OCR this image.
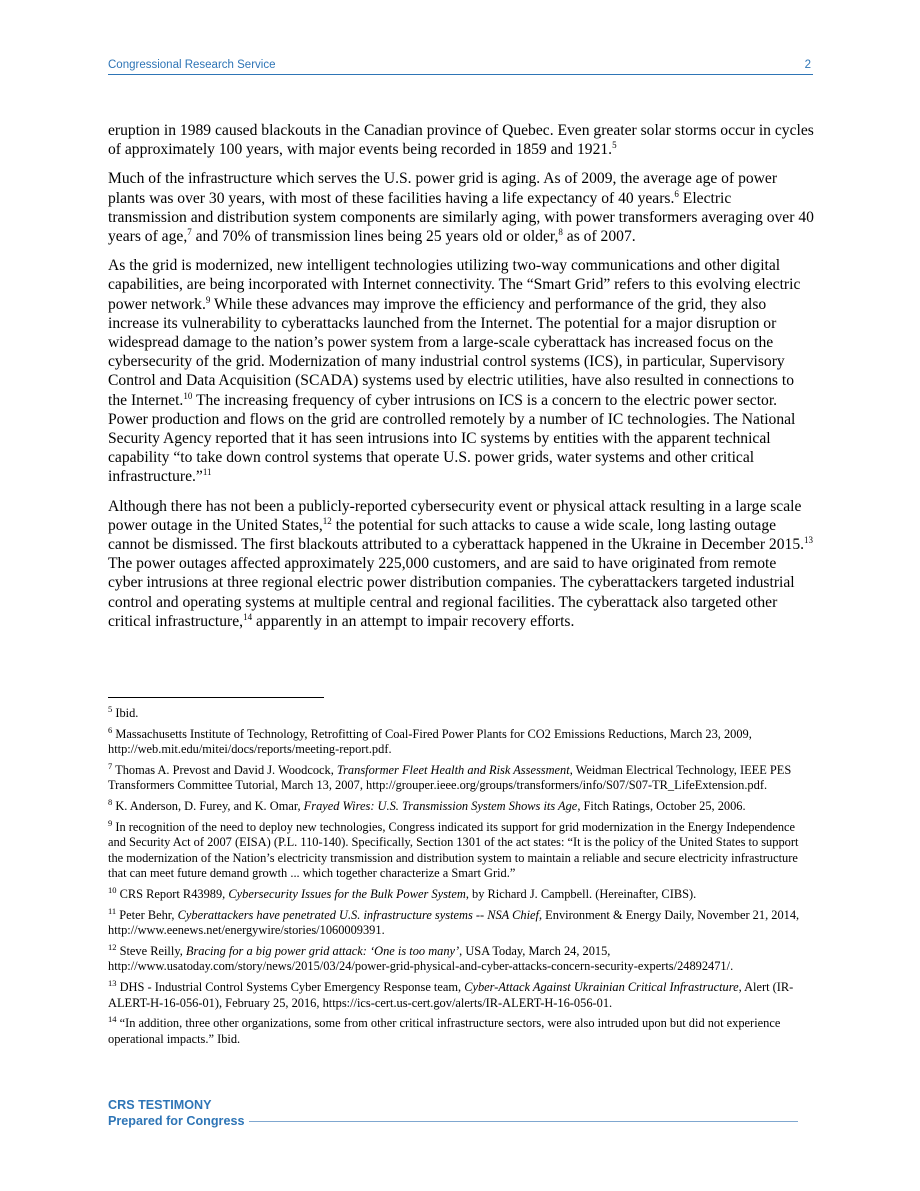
Congressional Research Service	2

eruption in 1989 caused blackouts in the Canadian province of Quebec. Even greater solar storms occur in cycles of approximately 100 years, with major events being recorded in 1859 and 1921.$^5$

Much of the infrastructure which serves the U.S. power grid is aging. As of 2009, the average age of power plants was over 30 years, with most of these facilities having a life expectancy of 40 years.$^6$ Electric transmission and distribution system components are similarly aging, with power transformers averaging over 40 years of age,$^7$ and 70% of transmission lines being 25 years old or older,$^8$ as of 2007.

As the grid is modernized, new intelligent technologies utilizing two-way communications and other digital capabilities, are being incorporated with Internet connectivity. The “Smart Grid” refers to this evolving electric power network.$^9$ While these advances may improve the efficiency and performance of the grid, they also increase its vulnerability to cyberattacks launched from the Internet. The potential for a major disruption or widespread damage to the nation’s power system from a large-scale cyberattack has increased focus on the cybersecurity of the grid. Modernization of many industrial control systems (ICS), in particular, Supervisory Control and Data Acquisition (SCADA) systems used by electric utilities, have also resulted in connections to the Internet.$^{10}$ The increasing frequency of cyber intrusions on ICS is a concern to the electric power sector. Power production and flows on the grid are controlled remotely by a number of IC technologies. The National Security Agency reported that it has seen intrusions into IC systems by entities with the apparent technical capability “to take down control systems that operate U.S. power grids, water systems and other critical infrastructure.”$^{11}$

Although there has not been a publicly-reported cybersecurity event or physical attack resulting in a large scale power outage in the United States,$^{12}$ the potential for such attacks to cause a wide scale, long lasting outage cannot be dismissed. The first blackouts attributed to a cyberattack happened in the Ukraine in December 2015.13 The power outages affected approximately 225,000 customers, and are said to have originated from remote cyber intrusions at three regional electric power distribution companies. The cyberattackers targeted industrial control and operating systems at multiple central and regional facilities. The cyberattack also targeted other critical infrastructure,$^{14}$ apparently in an attempt to impair recovery efforts.

$^5$ Ibid.
$^6$ Massachusetts Institute of Technology, Retrofitting of Coal-Fired Power Plants for CO2 Emissions Reductions, March 23, 2009, http://web.mit.edu/mitei/docs/reports/meeting-report.pdf.
$^7$ Thomas A. Prevost and David J. Woodcock, Transformer Fleet Health and Risk Assessment, Weidman Electrical Technology, IEEE PES Transformers Committee Tutorial, March 13, 2007, http://grouper.ieee.org/groups/transformers/info/S07/S07-TR_LifeExtension.pdf.
$^8$ K. Anderson, D. Furey, and K. Omar, Frayed Wires: U.S. Transmission System Shows its Age, Fitch Ratings, October 25, 2006.
$^9$ In recognition of the need to deploy new technologies, Congress indicated its support for grid modernization in the Energy Independence and Security Act of 2007 (EISA) (P.L. 110-140). Specifically, Section 1301 of the act states: “It is the policy of the United States to support the modernization of the Nation’s electricity transmission and distribution system to maintain a reliable and secure electricity infrastructure that can meet future demand growth ... which together characterize a Smart Grid.”
$^{10}$ CRS Report R43989, Cybersecurity Issues for the Bulk Power System, by Richard J. Campbell. (Hereinafter, CIBS).
$^{11}$ Peter Behr, Cyberattackers have penetrated U.S. infrastructure systems -- NSA Chief, Environment & Energy Daily, November 21, 2014, http://www.eenews.net/energywire/stories/1060009391.
$^{12}$ Steve Reilly, Bracing for a big power grid attack: ‘One is too many’, USA Today, March 24, 2015, http://www.usatoday.com/story/news/2015/03/24/power-grid-physical-and-cyber-attacks-concern-security-experts/24892471/.
$^{13}$ DHS - Industrial Control Systems Cyber Emergency Response team, Cyber-Attack Against Ukrainian Critical Infrastructure, Alert (IR-ALERT-H-16-056-01), February 25, 2016, https://ics-cert.us-cert.gov/alerts/IR-ALERT-H-16-056-01.
$^{14}$ “In addition, three other organizations, some from other critical infrastructure sectors, were also intruded upon but did not experience operational impacts.” Ibid.
CRS TESTIMONY
Prepared for Congress
